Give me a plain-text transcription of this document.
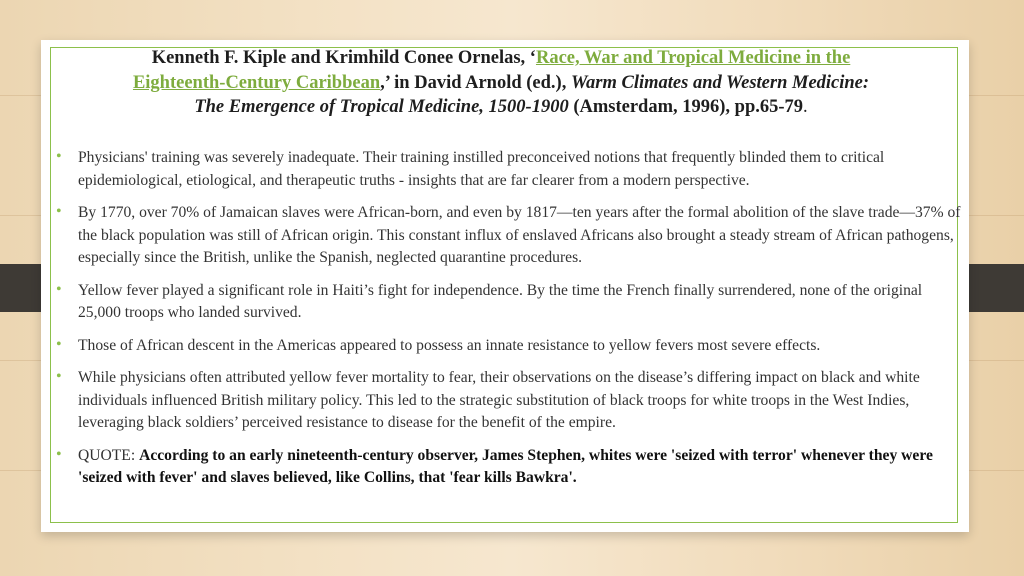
Kenneth F. Kiple and Krimhild Conee Ornelas, ‘Race, War and Tropical Medicine in the Eighteenth-Century Caribbean,’ in David Arnold (ed.), Warm Climates and Western Medicine: The Emergence of Tropical Medicine, 1500-1900 (Amsterdam, 1996), pp.65-79.
• Physicians' training was severely inadequate. Their training instilled preconceived notions that frequently blinded them to critical epidemiological, etiological, and therapeutic truths - insights that are far clearer from a modern perspective.
• By 1770, over 70% of Jamaican slaves were African-born, and even by 1817—ten years after the formal abolition of the slave trade—37% of the black population was still of African origin. This constant influx of enslaved Africans also brought a steady stream of African pathogens, especially since the British, unlike the Spanish, neglected quarantine procedures.
• Yellow fever played a significant role in Haiti’s fight for independence. By the time the French finally surrendered, none of the original 25,000 troops who landed survived.
• Those of African descent in the Americas appeared to possess an innate resistance to yellow fevers most severe effects.
• While physicians often attributed yellow fever mortality to fear, their observations on the disease’s differing impact on black and white individuals influenced British military policy. This led to the strategic substitution of black troops for white troops in the West Indies, leveraging black soldiers’ perceived resistance to disease for the benefit of the empire.
• QUOTE: According to an early nineteenth-century observer, James Stephen, whites were 'seized with terror' whenever they were 'seized with fever' and slaves believed, like Collins, that 'fear kills Bawkra'.
